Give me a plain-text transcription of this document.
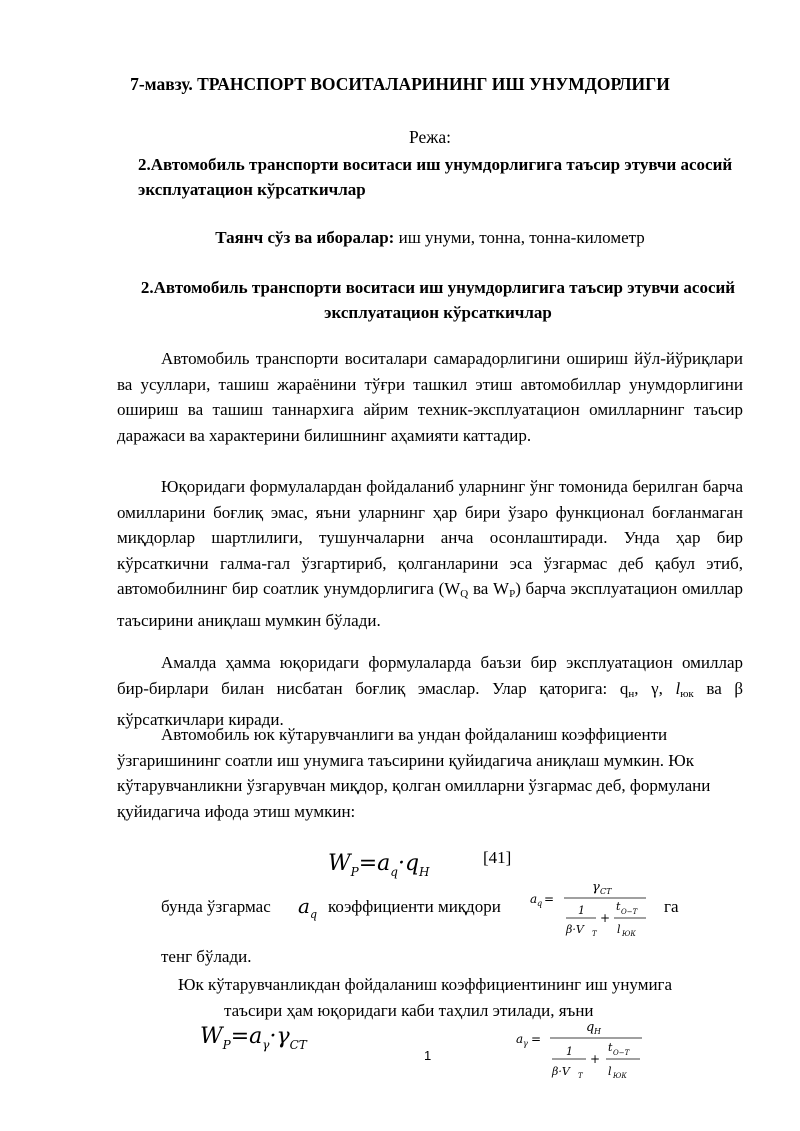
7-мавзу. ТРАНСПОРТ ВОСИТАЛАРИНИНГ ИШ УНУМДОРЛИГИ
Режа:
2.Автомобиль транспорти воситаси иш унумдорлигига таъсир этувчи асосий эксплуатацион кўрсаткичлар
Таянч сўз ва иборалар: иш унуми, тонна, тонна-километр
2.Автомобиль транспорти воситаси иш унумдорлигига таъсир этувчи асосий эксплуатацион кўрсаткичлар

Автомобиль транспорти воситалари самарадорлигини ошириш йўл-йўриқлари ва усуллари, ташиш жараёнини тўғри ташкил этиш автомобиллар унумдорлигини ошириш ва ташиш таннархига айрим техник-эксплуатацион омилларнинг таъсир даражаси ва характерини билишнинг аҳамияти каттадир.

Юқоридаги формулалардан фойдаланиб уларнинг ўнг томонида берилган барча омилларини боғлиқ эмас, яъни уларнинг ҳар бири ўзаро функционал боғланмаган миқдорлар шартлилиги, тушунчаларни анча осонлаштиради. Унда ҳар бир кўрсаткични галма-гал ўзгартириб, қолганларини эса ўзгармас деб қабул этиб, автомобилнинг бир соатлик унумдорлигига ($W_Q$ ва $W_P$) барча эксплуатацион омиллар таъсирини аниқлаш мумкин бўлади.

Амалда ҳамма юқоридаги формулаларда баъзи бир эксплуатацион омиллар бир-бирлари билан нисбатан боғлиқ эмаслар. Улар қаторига: $q_н$, γ, $l_{юк}$ ва β кўрсаткичлари киради.

Автомобиль юк кўтарувчанлиги ва ундан фойдаланиш коэффициенти ўзгаришининг соатли иш унумига таъсирини қуйидагича аниқлаш мумкин. Юк кўтарувчанликни ўзгарувчан миқдор, қолган омилларни ўзгармас деб, формулани қуйидагича ифода этиш мумкин:

$W_P=a_q\cdot q_H$
[41]
бунда ўзгармас $a_q$ коэффициенти миқдори a q =
γ CT
1
β·V T
+
t O−T
l ЮК
га
тенг бўлади.
Юк кўтарувчанликдан фойдаланиш коэффициентининг иш унумига
таъсири ҳам юқоридаги каби таҳлил этилади, яъни
$W_P=a_\gamma\cdot\gamma_{CT}$
1
a γ =
q H
1
β·V T
+
t O−T
l ЮК
